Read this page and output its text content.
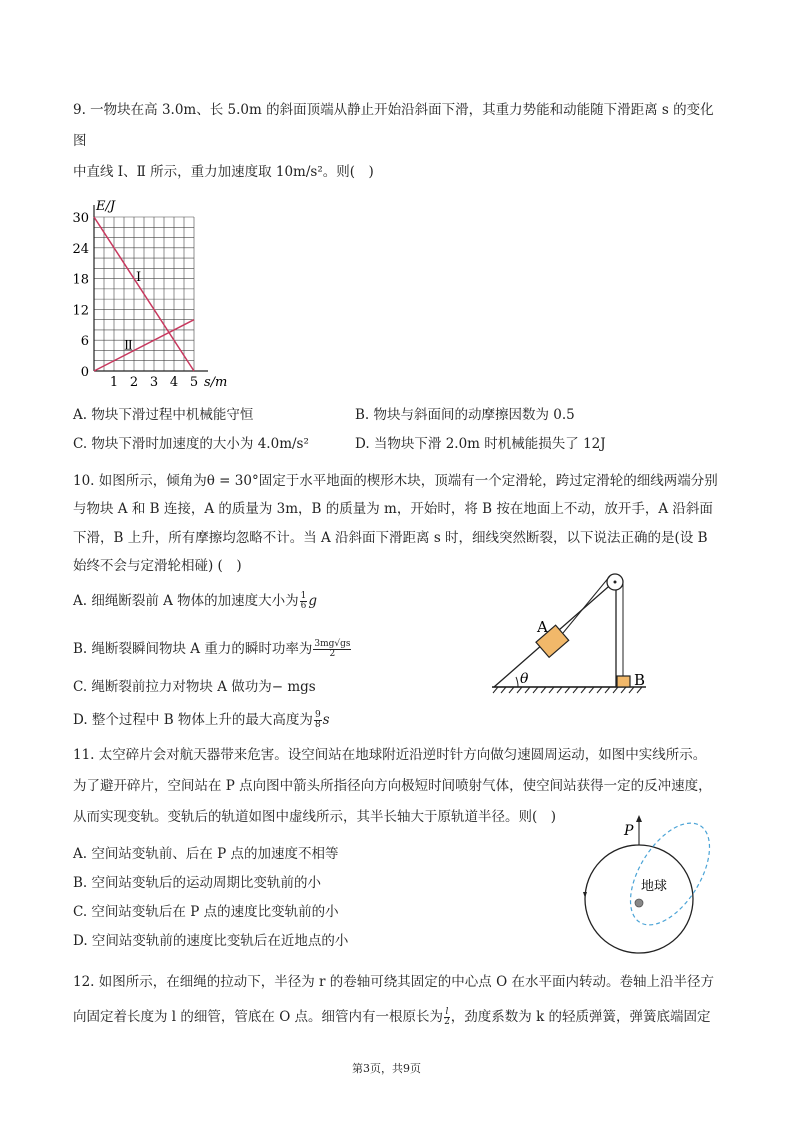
9. 一物块在高 3.0m、长 5.0m 的斜面顶端从静止开始沿斜面下滑，其重力势能和动能随下滑距离 s 的变化
图
中直线 Ⅰ、Ⅱ 所示，重力加速度取 10m/s²。则(　)
0
6
12
18
24
30
1 2 3 4 5
Ⅰ
Ⅱ
E/J
s/m
A. 物块下滑过程中机械能守恒	B. 物块与斜面间的动摩擦因数为 0.5
C. 物块下滑时加速度的大小为 4.0m/s²	D. 当物块下滑 2.0m 时机械能损失了 12J
10. 如图所示，倾角为θ = 30°固定于水平地面的楔形木块，顶端有一个定滑轮，跨过定滑轮的细线两端分别
与物块 A 和 B 连接，A 的质量为 3m，B 的质量为 m，开始时，将 B 按在地面上不动，放开手，A 沿斜面
下滑，B 上升，所有摩擦均忽略不计。当 A 沿斜面下滑距离 s 时，细线突然断裂，以下说法正确的是(设 B
始终不会与定滑轮相碰) (　)
A. 细绳断裂前 A 物体的加速度大小为 $\frac{1}{6}$ g
B. 绳断裂瞬间物块 A 重力的瞬时功率为 $\frac{3mg√gs}{2}$
C. 绳断裂前拉力对物块 A 做功为− mgs
D. 整个过程中 B 物体上升的最大高度为 $\frac{9}{8}$ s
A
B
θ
11. 太空碎片会对航天器带来危害。设空间站在地球附近沿逆时针方向做匀速圆周运动，如图中实线所示。
为了避开碎片，空间站在 P 点向图中箭头所指径向方向极短时间喷射气体，使空间站获得一定的反冲速度，
从而实现变轨。变轨后的轨道如图中虚线所示，其半长轴大于原轨道半径。则(　)
A. 空间站变轨前、后在 P 点的加速度不相等
B. 空间站变轨后的运动周期比变轨前的小
C. 空间站变轨后在 P 点的速度比变轨前的小
D. 空间站变轨前的速度比变轨后在近地点的小
地球
P
12. 如图所示，在细绳的拉动下，半径为 r 的卷轴可绕其固定的中心点 O 在水平面内转动。卷轴上沿半径方
向固定着长度为 l 的细管，管底在 O 点。细管内有一根原长为 $\frac{l}{2}$ ，劲度系数为 k 的轻质弹簧，弹簧底端固定
第3页，共9页
